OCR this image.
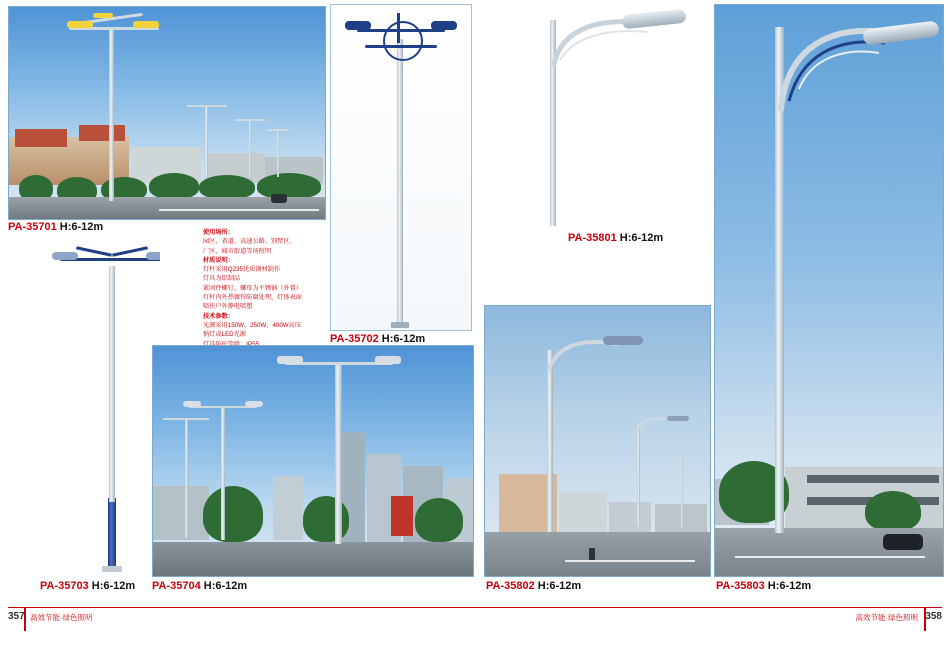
PA-35701 H:6-12m
PA-35702 H:6-12m

使用场所：

园区、省道、高速公路、别墅区、

厂区、城市街道等场照明

材质说明：

灯杆采用Q235优质钢材制作

灯具为铝制品

紧固件螺钉、螺母为不锈钢（外置）

灯杆内外热镀锌防腐处理，灯体表面

喷侠户外静电喷塑

技术参数：

光源采用150W、250W、400W高压

钠灯或LED光源

PA-35703 H:6-12m PA-35704 H:6-12m
PA-35801 H:6-12m
PA-35802 H:6-12m	PA-35803 H:6-12m
357 高效节能·绿色照明	358
高效节能·绿色照明
